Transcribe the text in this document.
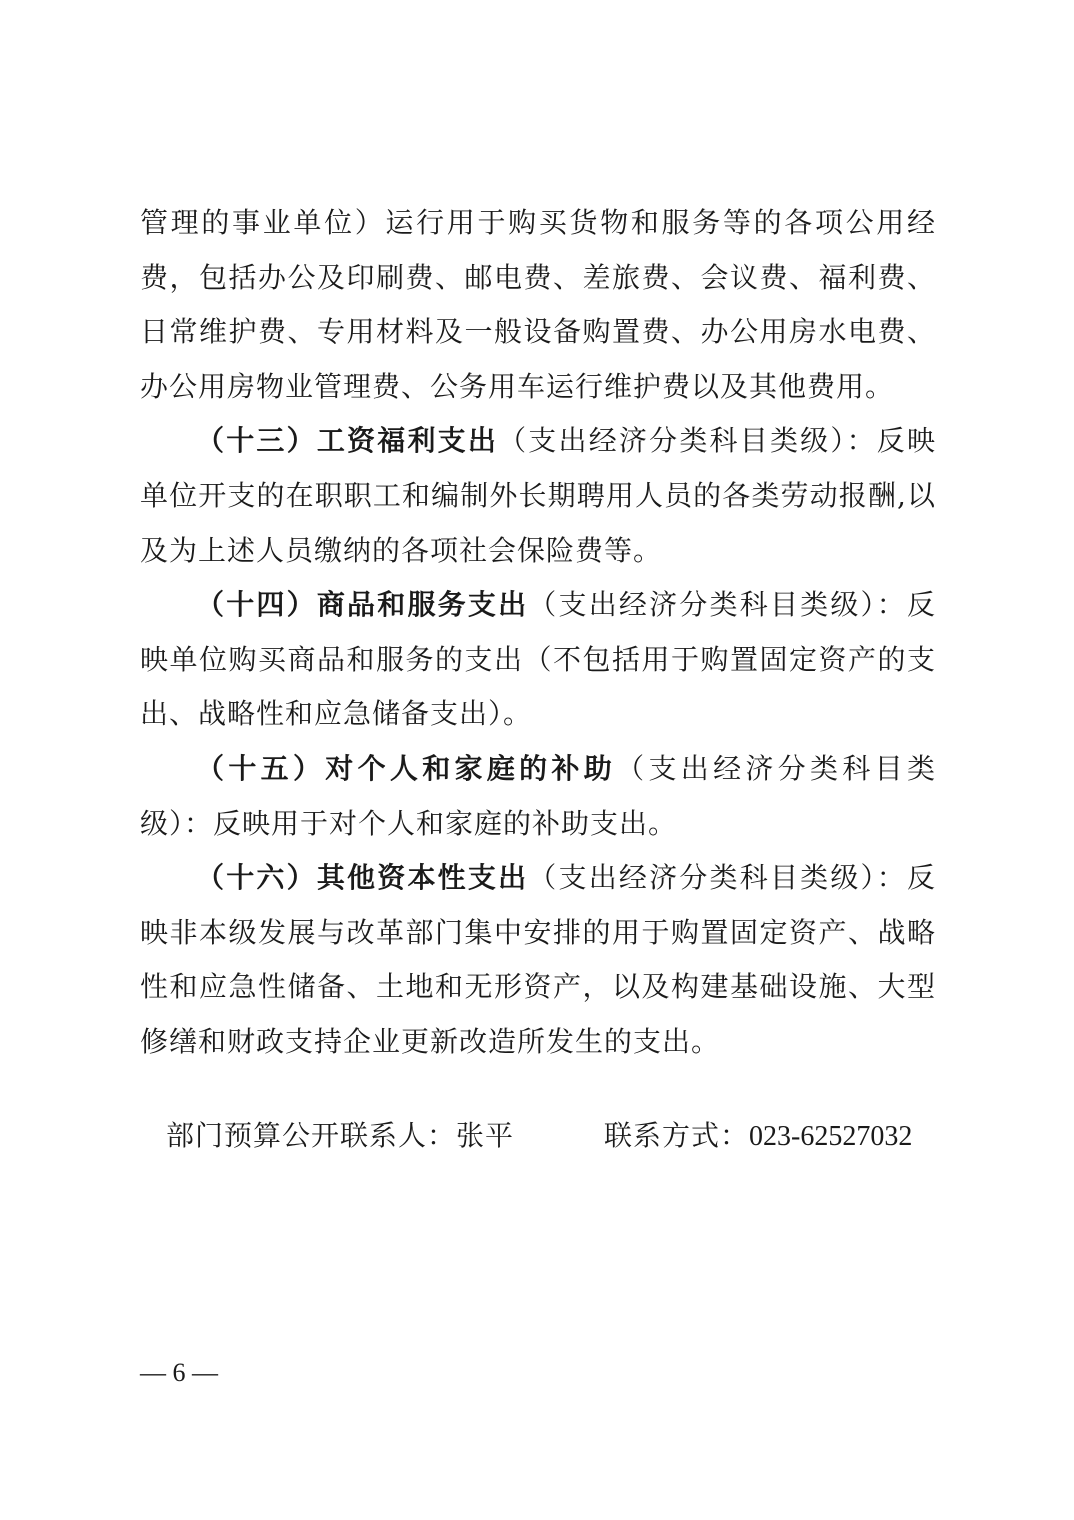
管理的事业单位）运行用于购买货物和服务等的各项公用经费，包括办公及印刷费、邮电费、差旅费、会议费、福利费、日常维护费、专用材料及一般设备购置费、办公用房水电费、办公用房物业管理费、公务用车运行维护费以及其他费用。

（十三）工资福利支出（支出经济分类科目类级）：反映单位开支的在职职工和编制外长期聘用人员的各类劳动报酬,以及为上述人员缴纳的各项社会保险费等。

（十四）商品和服务支出（支出经济分类科目类级）：反映单位购买商品和服务的支出（不包括用于购置固定资产的支出、战略性和应急储备支出）。

（十五）对个人和家庭的补助（支出经济分类科目类级）：反映用于对个人和家庭的补助支出。

（十六）其他资本性支出（支出经济分类科目类级）：反映非本级发展与改革部门集中安排的用于购置固定资产、战略性和应急性储备、土地和无形资产，以及构建基础设施、大型修缮和财政支持企业更新改造所发生的支出。

部门预算公开联系人：张平	联系方式：023-62527032
— 6 —
